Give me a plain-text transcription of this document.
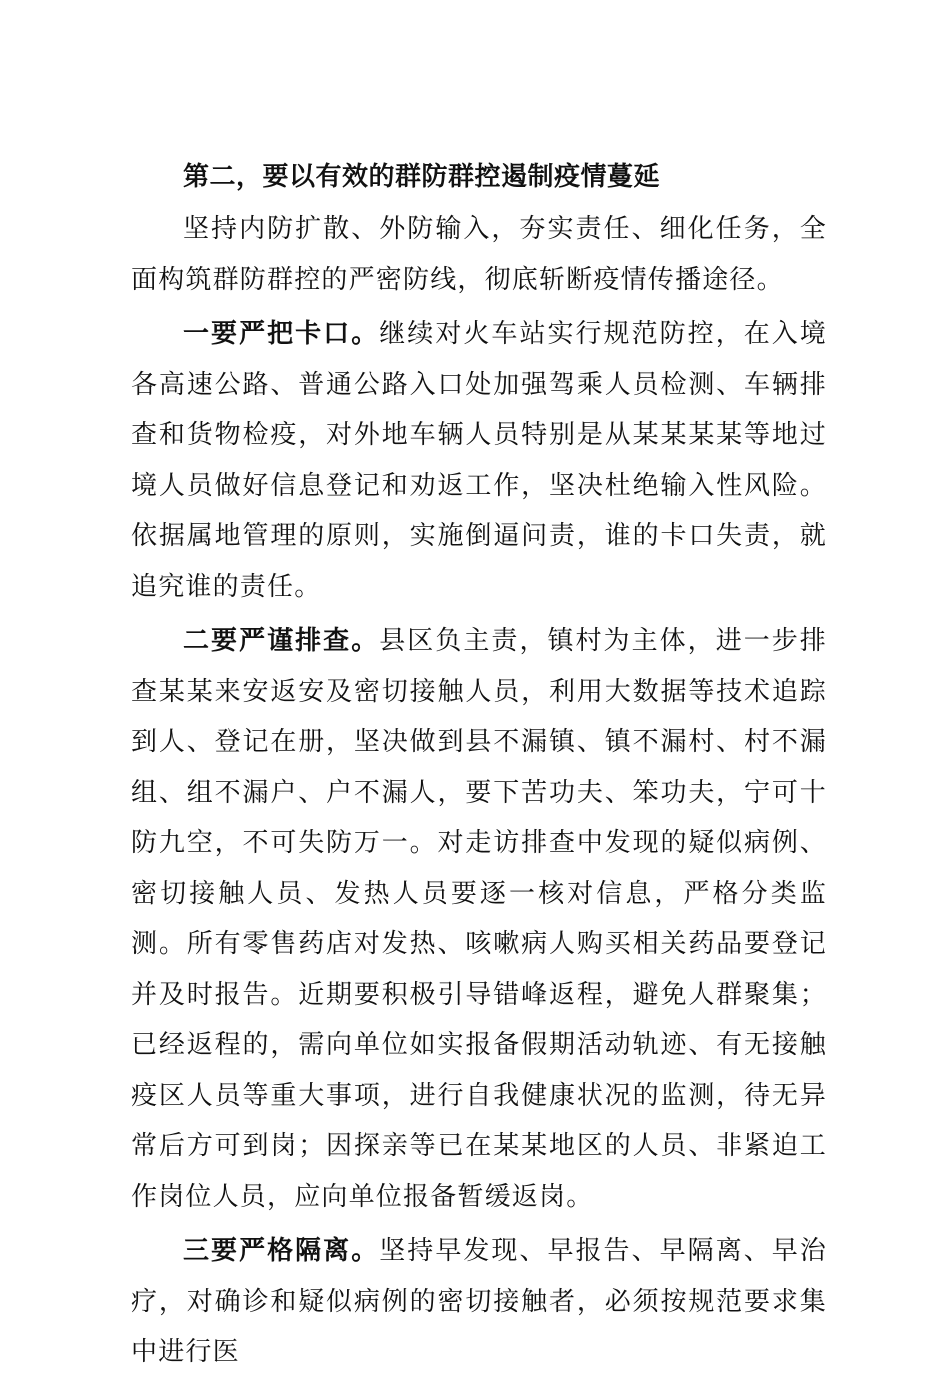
第二，要以有效的群防群控遏制疫情蔓延

坚持内防扩散、外防输入，夯实责任、细化任务，全面构筑群防群控的严密防线，彻底斩断疫情传播途径。

一要严把卡口。继续对火车站实行规范防控，在入境各高速公路、普通公路入口处加强驾乘人员检测、车辆排查和货物检疫，对外地车辆人员特别是从某某某某等地过境人员做好信息登记和劝返工作，坚决杜绝输入性风险。依据属地管理的原则，实施倒逼问责，谁的卡口失责，就追究谁的责任。

二要严谨排查。县区负主责，镇村为主体，进一步排查某某来安返安及密切接触人员，利用大数据等技术追踪到人、登记在册，坚决做到县不漏镇、镇不漏村、村不漏组、组不漏户、户不漏人，要下苦功夫、笨功夫，宁可十防九空，不可失防万一。对走访排查中发现的疑似病例、密切接触人员、发热人员要逐一核对信息，严格分类监测。所有零售药店对发热、咳嗽病人购买相关药品要登记并及时报告。近期要积极引导错峰返程，避免人群聚集；已经返程的，需向单位如实报备假期活动轨迹、有无接触疫区人员等重大事项，进行自我健康状况的监测，待无异常后方可到岗；因探亲等已在某某地区的人员、非紧迫工作岗位人员，应向单位报备暂缓返岗。

三要严格隔离。坚持早发现、早报告、早隔离、早治疗，对确诊和疑似病例的密切接触者，必须按规范要求集中进行医
